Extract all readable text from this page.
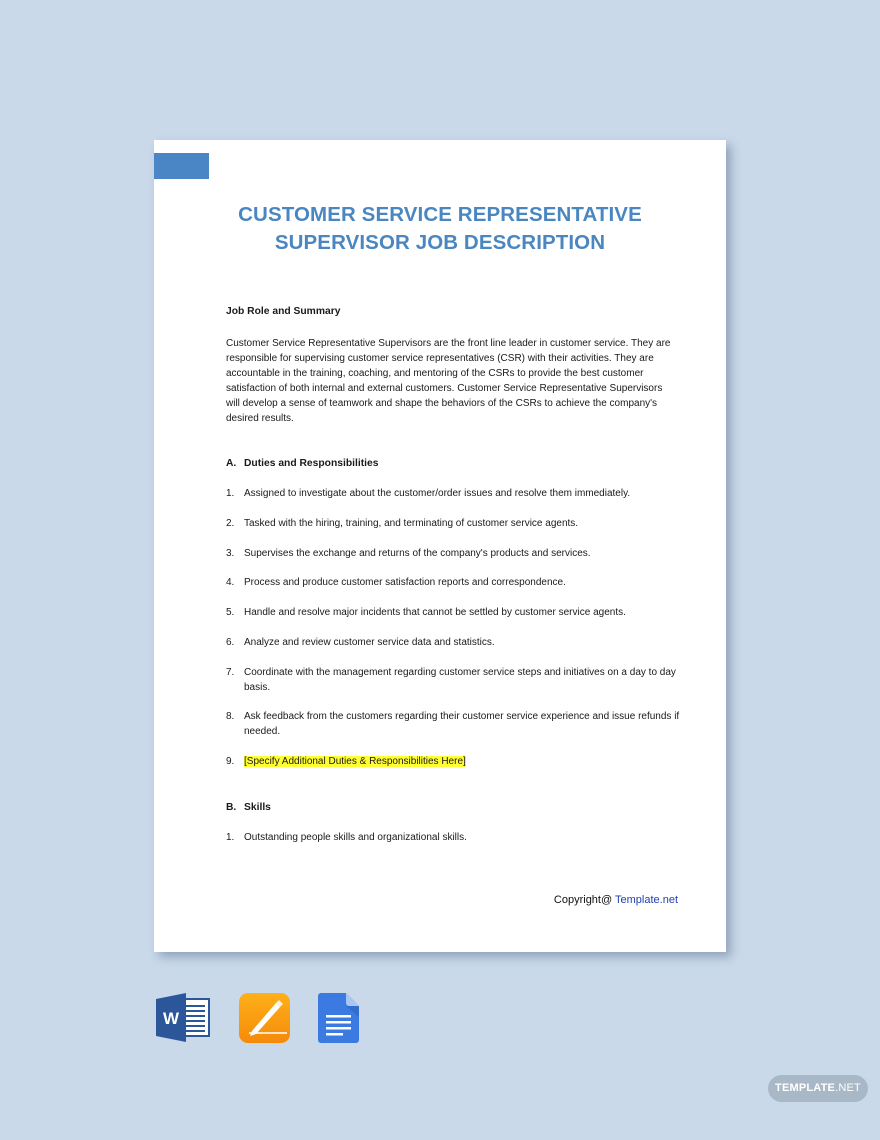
CUSTOMER SERVICE REPRESENTATIVE
SUPERVISOR JOB DESCRIPTION
Job Role and Summary
Customer Service Representative Supervisors are the front line leader in customer service. They are
responsible for supervising customer service representatives (CSR) with their activities. They are
accountable in the training, coaching, and mentoring of the CSRs to provide the best customer
satisfaction of both internal and external customers. Customer Service Representative Supervisors
will develop a sense of teamwork and shape the behaviors of the CSRs to achieve the company's
desired results.
A. Duties and Responsibilities
1. Assigned to investigate about the customer/order issues and resolve them immediately.
2. Tasked with the hiring, training, and terminating of customer service agents.
3. Supervises the exchange and returns of the company's products and services.
4. Process and produce customer satisfaction reports and correspondence.
5. Handle and resolve major incidents that cannot be settled by customer service agents.
6. Analyze and review customer service data and statistics.
7. Coordinate with the management regarding customer service steps and initiatives on a day to day basis.
8. Ask feedback from the customers regarding their customer service experience and issue refunds if needed.
9. [Specify Additional Duties & Responsibilities Here]
B. Skills
1. Outstanding people skills and organizational skills.
Copyright@ Template.net
W
TEMPLATE.NET
